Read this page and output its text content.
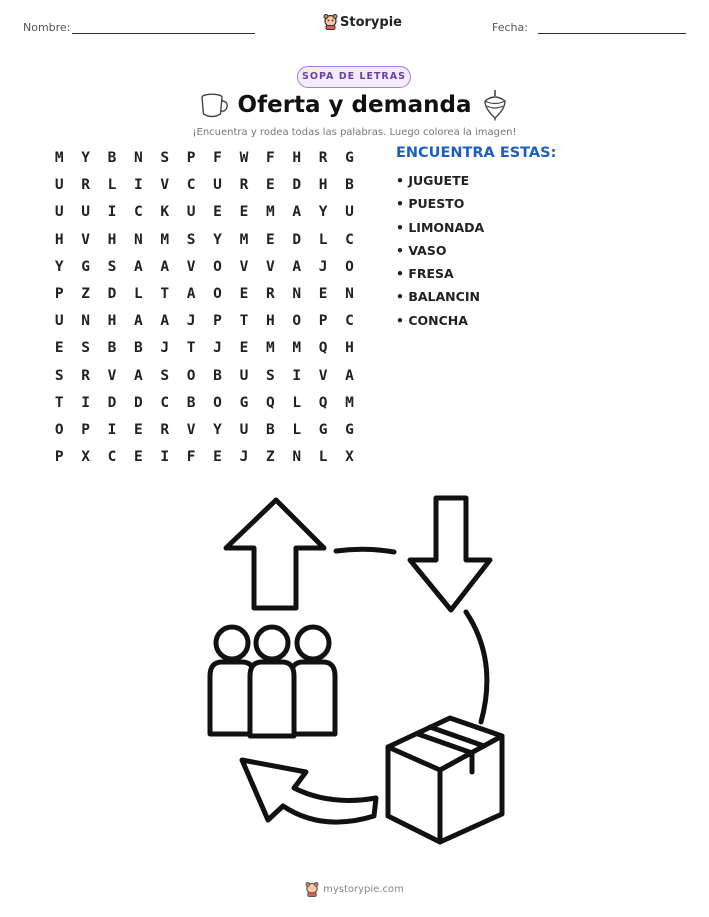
Nombre:	Storypie	Fecha:
SOPA DE LETRAS
Oferta y demanda
¡Encuentra y rodea todas las palabras. Luego colorea la imagen!
M	Y	B	N	S	P	F	W	F	H	R	G
U	R	L	I	V	C	U	R	E	D	H	B
U	U	I	C	K	U	E	E	M	A	Y	U
H	V	H	N	M	S	Y	M	E	D	L	C
Y	G	S	A	A	V	O	V	V	A	J	O
P	Z	D	L	T	A	O	E	R	N	E	N
U	N	H	A	A	J	P	T	H	O	P	C
E	S	B	B	J	T	J	E	M	M	Q	H
S	R	V	A	S	O	B	U	S	I	V	A
T	I	D	D	C	B	O	G	Q	L	Q	M
O	P	I	E	R	V	Y	U	B	L	G	G
P	X	C	E	I	F	E	J	Z	N	L	X
ENCUENTRA ESTAS:
• JUGUETE
• PUESTO
• LIMONADA
• VASO
• FRESA
• BALANCIN
• CONCHA
mystorypie.com
